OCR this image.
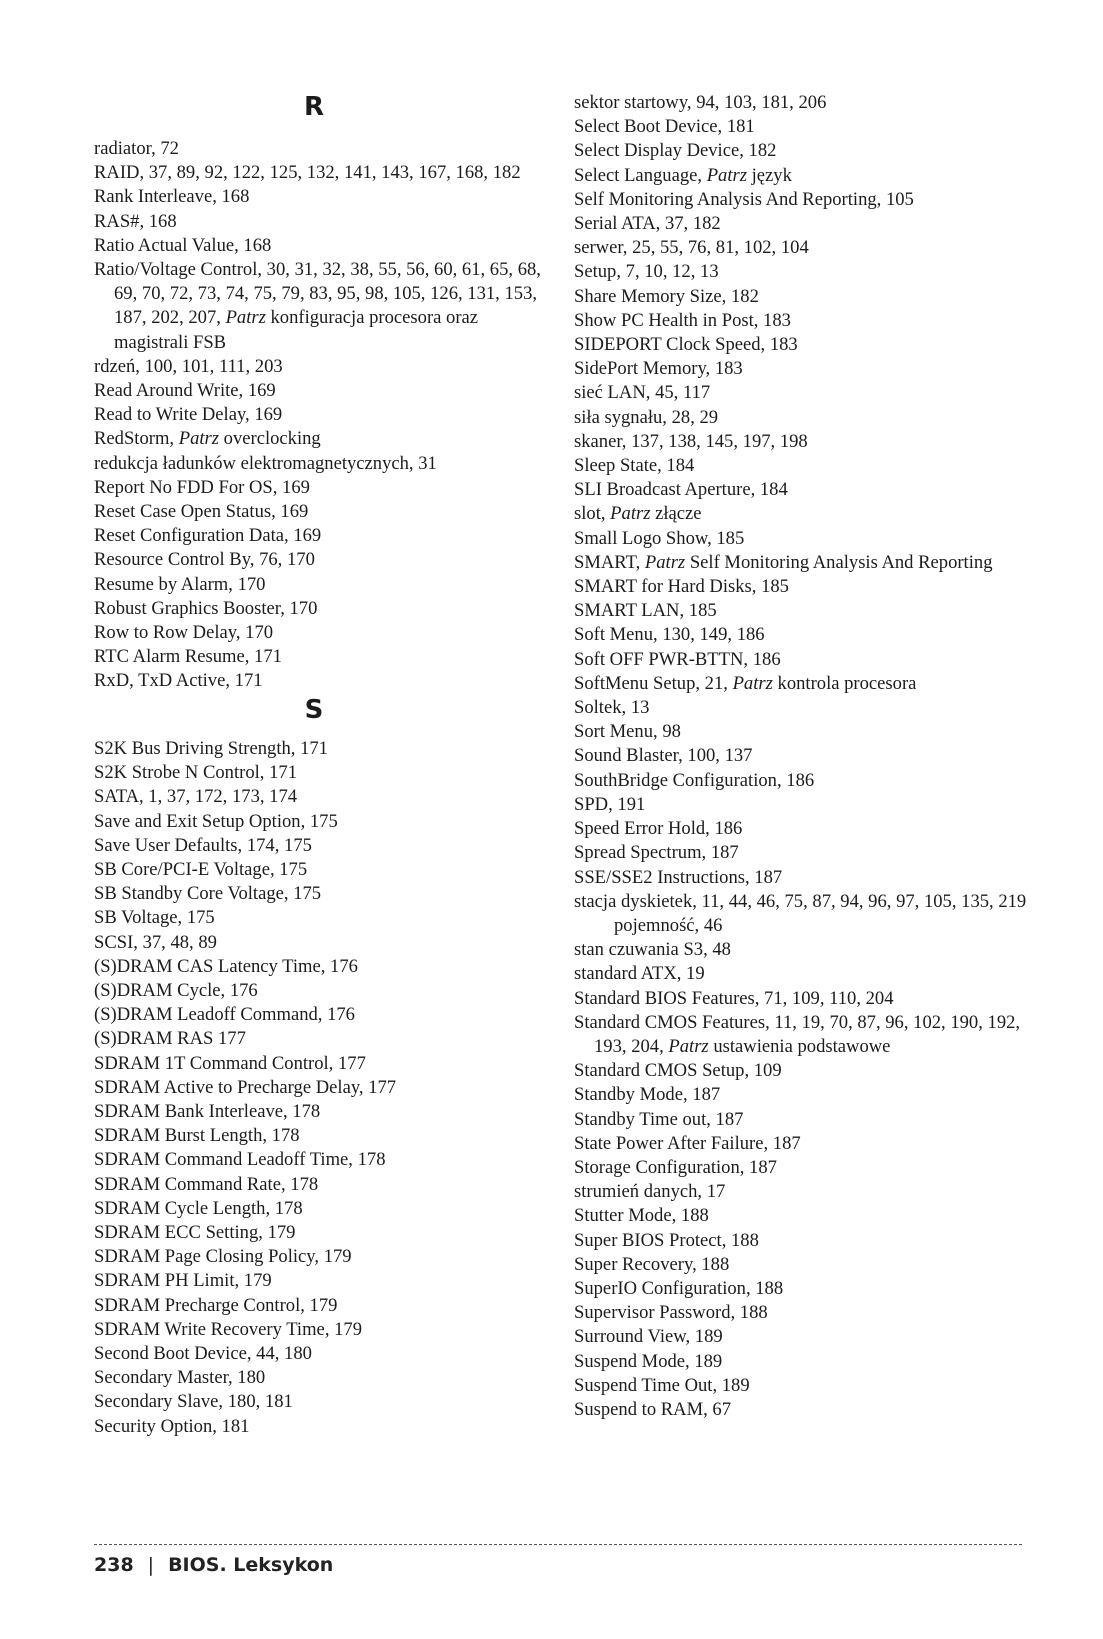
R
radiator, 72
RAID, 37, 89, 92, 122, 125, 132, 141, 143, 167, 168, 182
Rank Interleave, 168
RAS#, 168
Ratio Actual Value, 168
Ratio/Voltage Control, 30, 31, 32, 38, 55, 56, 60, 61, 65, 68, 69, 70, 72, 73, 74, 75, 79, 83, 95, 98, 105, 126, 131, 153, 187, 202, 207, Patrz konfiguracja procesora oraz magistrali FSB
rdzeń, 100, 101, 111, 203
Read Around Write, 169
Read to Write Delay, 169
RedStorm, Patrz overclocking
redukcja ładunków elektromagnetycznych, 31
Report No FDD For OS, 169
Reset Case Open Status, 169
Reset Configuration Data, 169
Resource Control By, 76, 170
Resume by Alarm, 170
Robust Graphics Booster, 170
Row to Row Delay, 170
RTC Alarm Resume, 171
RxD, TxD Active, 171
S
S2K Bus Driving Strength, 171
S2K Strobe N Control, 171
SATA, 1, 37, 172, 173, 174
Save and Exit Setup Option, 175
Save User Defaults, 174, 175
SB Core/PCI-E Voltage, 175
SB Standby Core Voltage, 175
SB Voltage, 175
SCSI, 37, 48, 89
(S)DRAM CAS Latency Time, 176
(S)DRAM Cycle, 176
(S)DRAM Leadoff Command, 176
(S)DRAM RAS 177
SDRAM 1T Command Control, 177
SDRAM Active to Precharge Delay, 177
SDRAM Bank Interleave, 178
SDRAM Burst Length, 178
SDRAM Command Leadoff Time, 178
SDRAM Command Rate, 178
SDRAM Cycle Length, 178
SDRAM ECC Setting, 179
SDRAM Page Closing Policy, 179
SDRAM PH Limit, 179
SDRAM Precharge Control, 179
SDRAM Write Recovery Time, 179
Second Boot Device, 44, 180
Secondary Master, 180
Secondary Slave, 180, 181
Security Option, 181
sektor startowy, 94, 103, 181, 206
Select Boot Device, 181
Select Display Device, 182
Select Language, Patrz język
Self Monitoring Analysis And Reporting, 105
Serial ATA, 37, 182
serwer, 25, 55, 76, 81, 102, 104
Setup, 7, 10, 12, 13
Share Memory Size, 182
Show PC Health in Post, 183
SIDEPORT Clock Speed, 183
SidePort Memory, 183
sieć LAN, 45, 117
siła sygnału, 28, 29
skaner, 137, 138, 145, 197, 198
Sleep State, 184
SLI Broadcast Aperture, 184
slot, Patrz złącze
Small Logo Show, 185
SMART, Patrz Self Monitoring Analysis And Reporting
SMART for Hard Disks, 185
SMART LAN, 185
Soft Menu, 130, 149, 186
Soft OFF PWR-BTTN, 186
SoftMenu Setup, 21, Patrz kontrola procesora
Soltek, 13
Sort Menu, 98
Sound Blaster, 100, 137
SouthBridge Configuration, 186
SPD, 191
Speed Error Hold, 186
Spread Spectrum, 187
SSE/SSE2 Instructions, 187
stacja dyskietek, 11, 44, 46, 75, 87, 94, 96, 97, 105, 135, 219
pojemność, 46
stan czuwania S3, 48
standard ATX, 19
Standard BIOS Features, 71, 109, 110, 204
Standard CMOS Features, 11, 19, 70, 87, 96, 102, 190, 192, 193, 204, Patrz ustawienia podstawowe
Standard CMOS Setup, 109
Standby Mode, 187
Standby Time out, 187
State Power After Failure, 187
Storage Configuration, 187
strumień danych, 17
Stutter Mode, 188
Super BIOS Protect, 188
Super Recovery, 188
SuperIO Configuration, 188
Supervisor Password, 188
Surround View, 189
Suspend Mode, 189
Suspend Time Out, 189
Suspend to RAM, 67
238 | BIOS. Leksykon
